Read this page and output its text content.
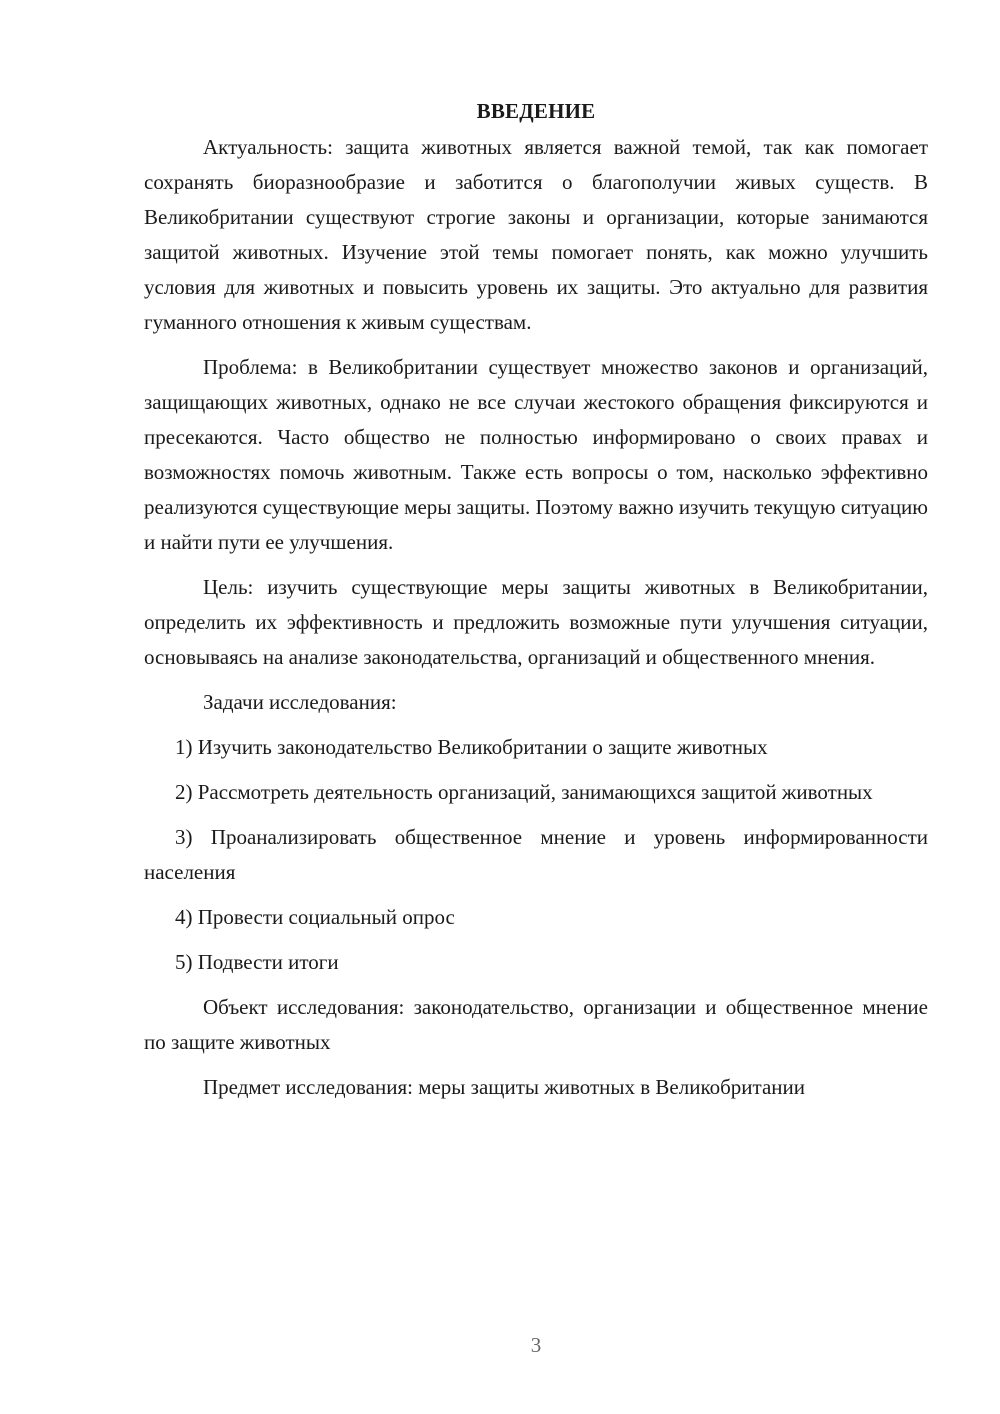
ВВЕДЕНИЕ

Актуальность: защита животных является важной темой, так как помогает сохранять биоразнообразие и заботится о благополучии живых существ. В Великобритании существуют строгие законы и организации, которые занимаются защитой животных. Изучение этой темы помогает понять, как можно улучшить условия для животных и повысить уровень их защиты. Это актуально для развития гуманного отношения к живым существам.

Проблема: в Великобритании существует множество законов и организаций, защищающих животных, однако не все случаи жестокого обращения фиксируются и пресекаются. Часто общество не полностью информировано о своих правах и возможностях помочь животным. Также есть вопросы о том, насколько эффективно реализуются существующие меры защиты. Поэтому важно изучить текущую ситуацию и найти пути ее улучшения.

Цель: изучить существующие меры защиты животных в Великобритании, определить их эффективность и предложить возможные пути улучшения ситуации, основываясь на анализе законодательства, организаций и общественного мнения.

Задачи исследования:

1) Изучить законодательство Великобритании о защите животных

2) Рассмотреть деятельность организаций, занимающихся защитой животных

3) Проанализировать общественное мнение и уровень информированности населения

4) Провести социальный опрос

5) Подвести итоги

Объект исследования: законодательство, организации и общественное мнение по защите животных

Предмет исследования: меры защиты животных в Великобритании

3
